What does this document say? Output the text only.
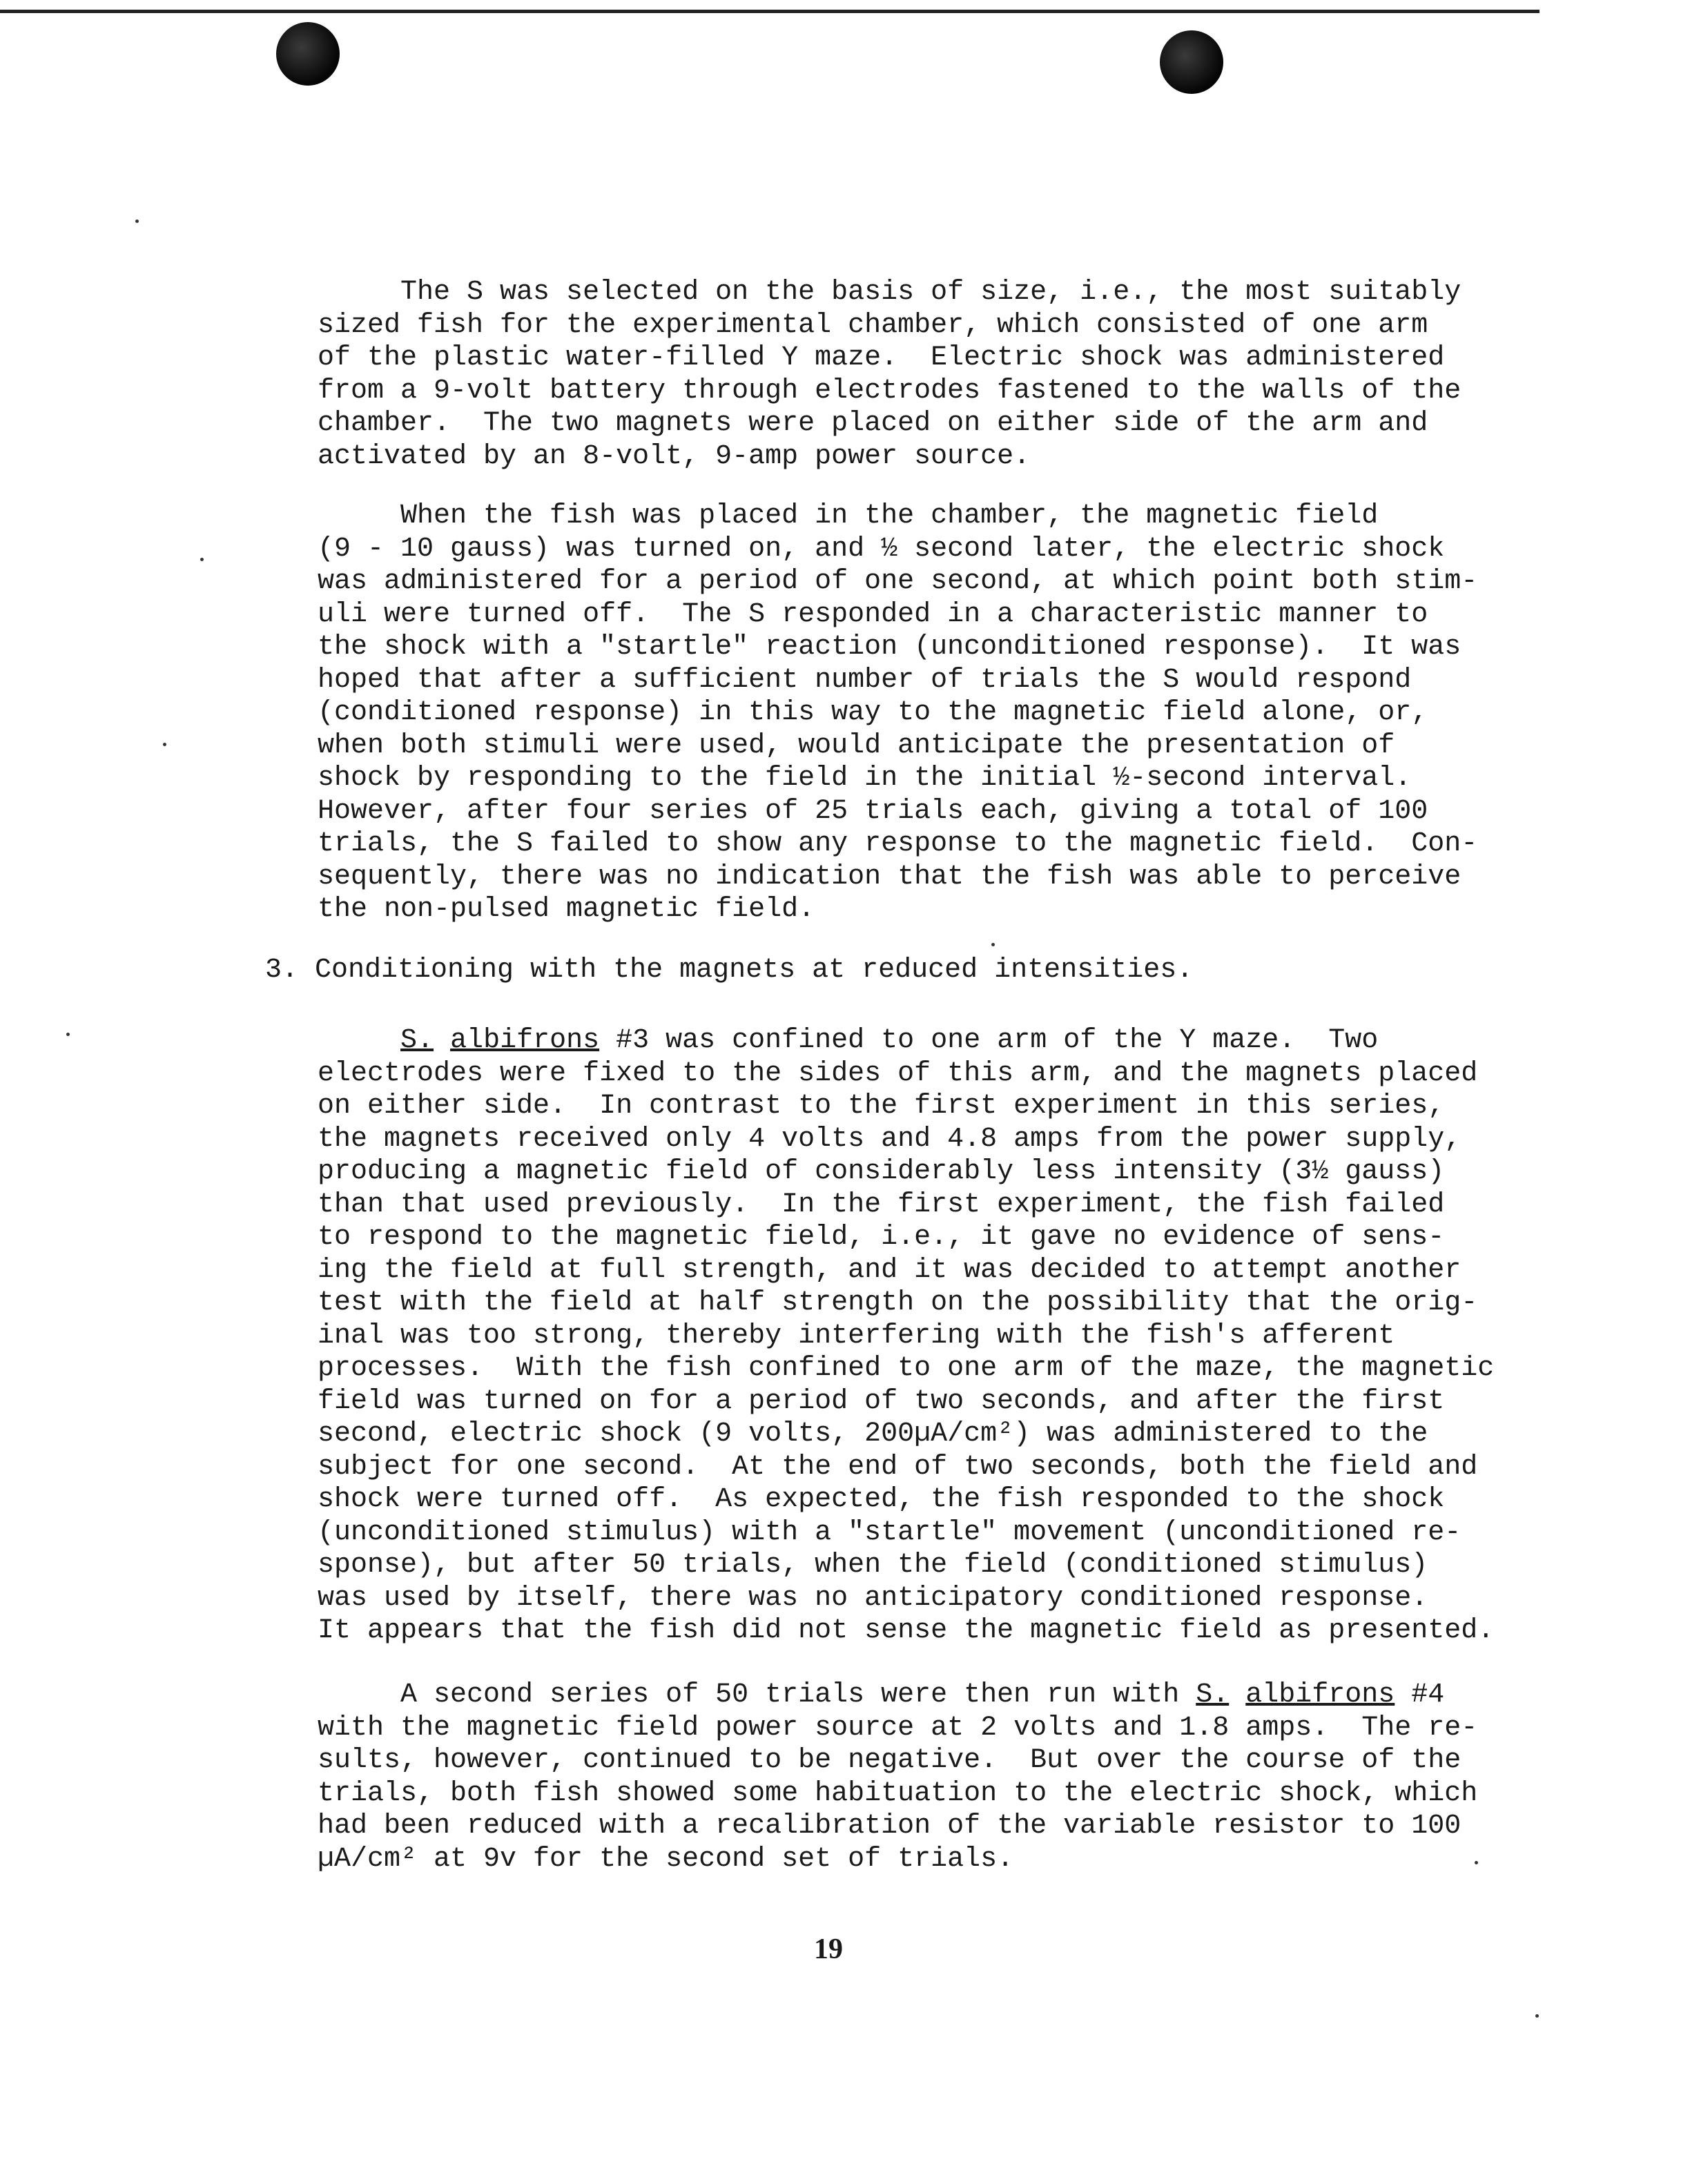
The S was selected on the basis of size, i.e., the most suitably
sized fish for the experimental chamber, which consisted of one arm
of the plastic water-filled Y maze.  Electric shock was administered
from a 9-volt battery through electrodes fastened to the walls of the
chamber.  The two magnets were placed on either side of the arm and
activated by an 8-volt, 9-amp power source.
When the fish was placed in the chamber, the magnetic field
(9 - 10 gauss) was turned on, and ½ second later, the electric shock
was administered for a period of one second, at which point both stim-
uli were turned off.  The S responded in a characteristic manner to
the shock with a "startle" reaction (unconditioned response).  It was
hoped that after a sufficient number of trials the S would respond
(conditioned response) in this way to the magnetic field alone, or,
when both stimuli were used, would anticipate the presentation of
shock by responding to the field in the initial ½-second interval.
However, after four series of 25 trials each, giving a total of 100
trials, the S failed to show any response to the magnetic field.  Con-
sequently, there was no indication that the fish was able to perceive
the non-pulsed magnetic field.
3. Conditioning with the magnets at reduced intensities.
S. albifrons #3 was confined to one arm of the Y maze.  Two
electrodes were fixed to the sides of this arm, and the magnets placed
on either side.  In contrast to the first experiment in this series,
the magnets received only 4 volts and 4.8 amps from the power supply,
producing a magnetic field of considerably less intensity (3½ gauss)
than that used previously.  In the first experiment, the fish failed
to respond to the magnetic field, i.e., it gave no evidence of sens-
ing the field at full strength, and it was decided to attempt another
test with the field at half strength on the possibility that the orig-
inal was too strong, thereby interfering with the fish's afferent
processes.  With the fish confined to one arm of the maze, the magnetic
field was turned on for a period of two seconds, and after the first
second, electric shock (9 volts, 200µA/cm²) was administered to the
subject for one second.  At the end of two seconds, both the field and
shock were turned off.  As expected, the fish responded to the shock
(unconditioned stimulus) with a "startle" movement (unconditioned re-
sponse), but after 50 trials, when the field (conditioned stimulus)
was used by itself, there was no anticipatory conditioned response.
It appears that the fish did not sense the magnetic field as presented.
A second series of 50 trials were then run with S. albifrons #4
with the magnetic field power source at 2 volts and 1.8 amps.  The re-
sults, however, continued to be negative.  But over the course of the
trials, both fish showed some habituation to the electric shock, which
had been reduced with a recalibration of the variable resistor to 100
µA/cm² at 9v for the second set of trials.
19
